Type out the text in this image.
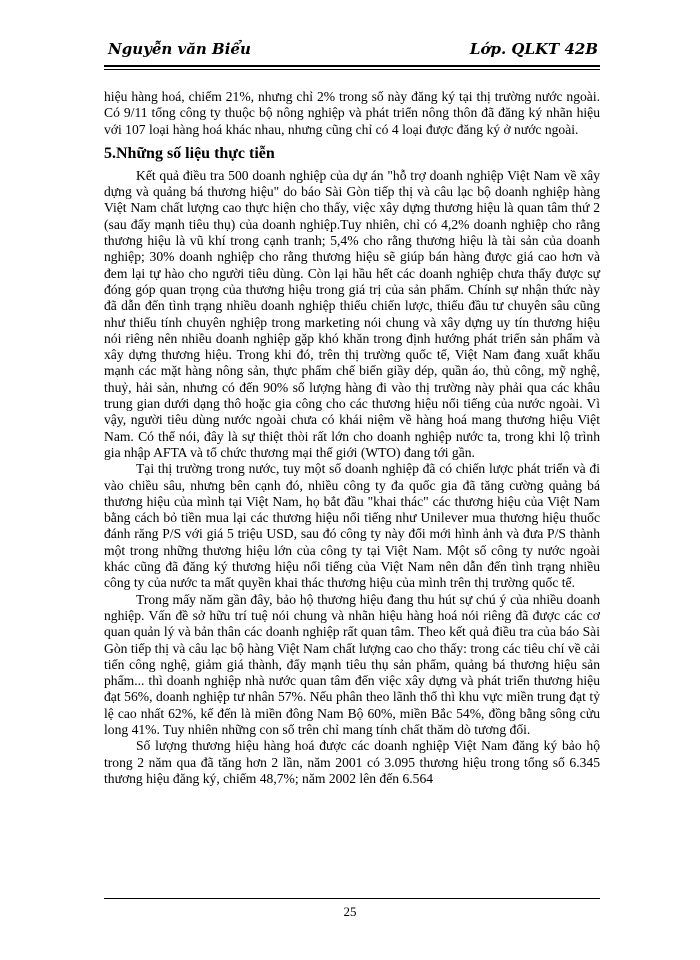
Nguyễn văn Biểu	Lớp. QLKT 42B

hiệu hàng hoá, chiếm 21%, nhưng chỉ 2% trong số này đăng ký tại thị trường nước ngoài. Có 9/11 tổng công ty thuộc bộ nông nghiệp và phát triển nông thôn đã đăng ký nhãn hiệu với 107 loại hàng hoá khác nhau, nhưng cũng chỉ có 4 loại được đăng ký ở nước ngoài.

5.Những số liệu thực tiễn

Kết quả điều tra 500 doanh nghiệp của dự án "hỗ trợ doanh nghiệp Việt Nam về xây dựng và quảng bá thương hiệu" do báo Sài Gòn tiếp thị và câu lạc bộ doanh nghiệp hàng Việt Nam chất lượng cao thực hiện cho thấy, việc xây dựng thương hiệu là quan tâm thứ 2 (sau đẩy mạnh tiêu thụ) của doanh nghiệp.Tuy nhiên, chỉ có 4,2% doanh nghiệp cho rằng thương hiệu là vũ khí trong cạnh tranh; 5,4% cho rằng thương hiệu là tài sản của doanh nghiệp; 30% doanh nghiệp cho rằng thương hiệu sẽ giúp bán hàng được giá cao hơn và đem lại tự hào cho người tiêu dùng. Còn lại hầu hết các doanh nghiệp chưa thấy được sự đóng góp quan trọng của thương hiệu trong giá trị của sản phẩm. Chính sự nhận thức này đã dẫn đến tình trạng nhiều doanh nghiệp thiếu chiến lược, thiếu đầu tư chuyên sâu cũng như thiếu tính chuyên nghiệp trong marketing nói chung và xây dựng uy tín thương hiệu nói riêng nên nhiều doanh nghiệp gặp khó khăn trong định hướng phát triển sản phẩm và xây dựng thương hiệu. Trong khi đó, trên thị trường quốc tế, Việt Nam đang xuất khẩu mạnh các mặt hàng nông sản, thực phẩm chế biến giầy dép, quần áo, thủ công, mỹ nghệ, thuỷ, hải sản, nhưng có đến 90% số lượng hàng đi vào thị trường này phải qua các khâu trung gian dưới dạng thô hoặc gia công cho các thương hiệu nổi tiếng của nước ngoài. Vì vậy, người tiêu dùng nước ngoài chưa có khái niệm về hàng hoá mang thương hiệu Việt Nam. Có thể nói, đây là sự thiệt thòi rất lớn cho doanh nghiệp nước ta, trong khi lộ trình gia nhập AFTA và tổ chức thương mại thế giới (WTO) đang tới gần.

Tại thị trường trong nước, tuy một số doanh nghiệp đã có chiến lược phát triển và đi vào chiều sâu, nhưng bên cạnh đó, nhiều công ty đa quốc gia đã tăng cường quảng bá thương hiệu của mình tại Việt Nam, họ bắt đầu "khai thác" các thương hiệu của Việt Nam bằng cách bỏ tiền mua lại các thương hiệu nổi tiếng như Unilever mua thương hiệu thuốc đánh răng P/S với giá 5 triệu USD, sau đó công ty này đổi mới hình ảnh và đưa P/S thành một trong những thương hiệu lớn của công ty tại Việt Nam. Một số công ty nước ngoài khác cũng đã đăng ký thương hiệu nổi tiếng của Việt Nam nên dẫn đến tình trạng nhiều công ty của nước ta mất quyền khai thác thương hiệu của mình trên thị trường quốc tế.

Trong mấy năm gần đây, bảo hộ thương hiệu đang thu hút sự chú ý của nhiều doanh nghiệp. Vấn đề sở hữu trí tuệ nói chung và nhãn hiệu hàng hoá nói riêng đã được các cơ quan quản lý và bản thân các doanh nghiệp rất quan tâm. Theo kết quả điều tra của báo Sài Gòn tiếp thị và câu lạc bộ hàng Việt Nam chất lượng cao cho thấy: trong các tiêu chí về cải tiến công nghệ, giảm giá thành, đẩy mạnh tiêu thụ sản phẩm, quảng bá thương hiệu sản phẩm... thì doanh nghiệp nhà nước quan tâm đến việc xây dựng và phát triển thương hiệu đạt 56%, doanh nghiệp tư nhân 57%. Nếu phân theo lãnh thổ thì khu vực miền trung đạt tỷ lệ cao nhất 62%, kế đến là miền đông Nam Bộ 60%, miền Bắc 54%, đồng bằng sông cửu long 41%. Tuy nhiên những con số trên chỉ mang tính chất thăm dò tương đối.

Số lượng thương hiệu hàng hoá được các doanh nghiệp Việt Nam đăng ký bảo hộ trong 2 năm qua đã tăng hơn 2 lần, năm 2001 có 3.095 thương hiệu trong tổng số 6.345 thương hiệu đăng ký, chiếm 48,7%; năm 2002 lên đến 6.564

25
